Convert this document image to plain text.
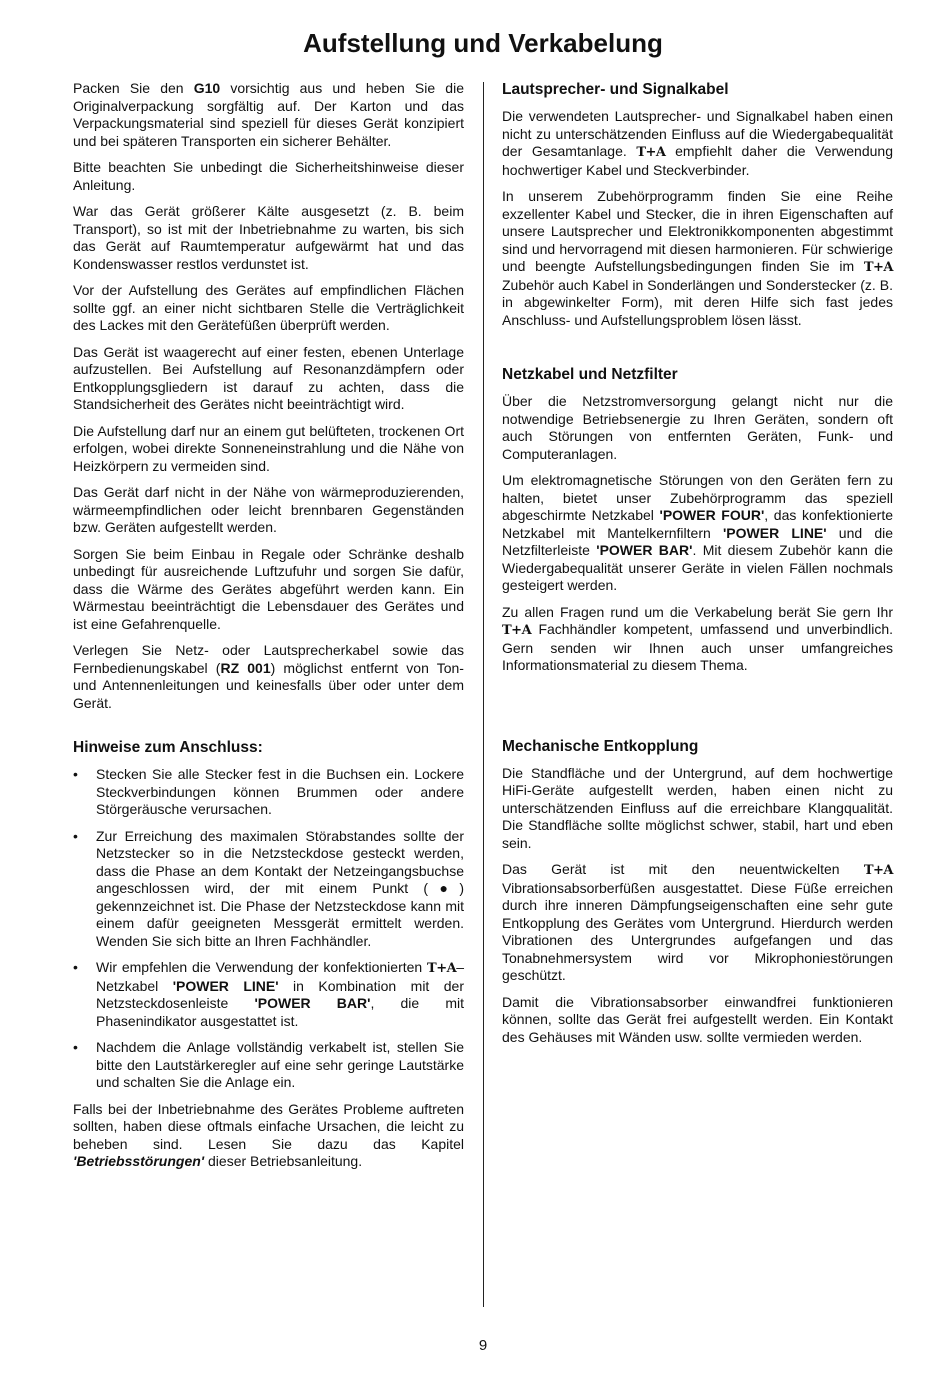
Aufstellung und Verkabelung

Packen Sie den G10 vorsichtig aus und heben Sie die Originalverpackung sorgfältig auf. Der Karton und das Verpackungsmaterial sind speziell für dieses Gerät konzipiert und bei späteren Transporten ein sicherer Behälter.

Bitte beachten Sie unbedingt die Sicherheitshinweise dieser Anleitung.

War das Gerät größerer Kälte ausgesetzt (z. B. beim Transport), so ist mit der Inbetriebnahme zu warten, bis sich das Gerät auf Raumtemperatur aufgewärmt hat und das Kondenswasser restlos verdunstet ist.

Vor der Aufstellung des Gerätes auf empfindlichen Flächen sollte ggf. an einer nicht sichtbaren Stelle die Verträglichkeit des Lackes mit den Gerätefüßen überprüft werden.

Das Gerät ist waagerecht auf einer festen, ebenen Unterlage aufzustellen. Bei Aufstellung auf Resonanzdämpfern oder Entkopplungsgliedern ist darauf zu achten, dass die Standsicherheit des Gerätes nicht beeinträchtigt wird.

Die Aufstellung darf nur an einem gut belüfteten, trockenen Ort erfolgen, wobei direkte Sonneneinstrahlung und die Nähe von Heizkörpern zu vermeiden sind.

Das Gerät darf nicht in der Nähe von wärmeproduzierenden, wärmeempfindlichen oder leicht brennbaren Gegenständen bzw. Geräten aufgestellt werden.

Sorgen Sie beim Einbau in Regale oder Schränke deshalb unbedingt für ausreichende Luftzufuhr und sorgen Sie dafür, dass die Wärme des Gerätes abgeführt werden kann. Ein Wärmestau beeinträchtigt die Lebensdauer des Gerätes und ist eine Gefahrenquelle.

Verlegen Sie Netz- oder Lautsprecherkabel sowie das Fernbedienungskabel (RZ 001) möglichst entfernt von Ton- und Antennenleitungen und keinesfalls über oder unter dem Gerät.

Hinweise zum Anschluss:
• Stecken Sie alle Stecker fest in die Buchsen ein. Lockere Steckverbindungen können Brummen oder andere Störgeräusche verursachen.
• Zur Erreichung des maximalen Störabstandes sollte der Netzstecker so in die Netzsteckdose gesteckt werden, dass die Phase an dem Kontakt der Netzeingangsbuchse angeschlossen wird, der mit einem Punkt (●) gekennzeichnet ist. Die Phase der Netzsteckdose kann mit einem dafür geeigneten Messgerät ermittelt werden. Wenden Sie sich bitte an Ihren Fachhändler.
• Wir empfehlen die Verwendung der konfektionierten T+A–Netzkabel 'POWER LINE' in Kombination mit der Netzsteckdosenleiste 'POWER BAR', die mit Phasenindikator ausgestattet ist.
• Nachdem die Anlage vollständig verkabelt ist, stellen Sie bitte den Lautstärkeregler auf eine sehr geringe Lautstärke und schalten Sie die Anlage ein.

Falls bei der Inbetriebnahme des Gerätes Probleme auftreten sollten, haben diese oftmals einfache Ursachen, die leicht zu beheben sind. Lesen Sie dazu das Kapitel 'Betriebsstörungen' dieser Betriebsanleitung.

Lautsprecher- und Signalkabel

Die verwendeten Lautsprecher- und Signalkabel haben einen nicht zu unterschätzenden Einfluss auf die Wiedergabequalität der Gesamtanlage. T+A empfiehlt daher die Verwendung hochwertiger Kabel und Steckverbinder.

In unserem Zubehörprogramm finden Sie eine Reihe exzellenter Kabel und Stecker, die in ihren Eigenschaften auf unsere Lautsprecher und Elektronikkomponenten abgestimmt sind und hervorragend mit diesen harmonieren. Für schwierige und beengte Aufstellungsbedingungen finden Sie im T+A Zubehör auch Kabel in Sonderlängen und Sonderstecker (z. B. in abgewinkelter Form), mit deren Hilfe sich fast jedes Anschluss- und Aufstellungsproblem lösen lässt.

Netzkabel und Netzfilter

Über die Netzstromversorgung gelangt nicht nur die notwendige Betriebsenergie zu Ihren Geräten, sondern oft auch Störungen von entfernten Geräten, Funk- und Computeranlagen.

Um elektromagnetische Störungen von den Geräten fern zu halten, bietet unser Zubehörprogramm das speziell abgeschirmte Netzkabel 'POWER FOUR', das konfektionierte Netzkabel mit Mantelkernfiltern 'POWER LINE' und die Netzfilterleiste 'POWER BAR'. Mit diesem Zubehör kann die Wiedergabequalität unserer Geräte in vielen Fällen nochmals gesteigert werden.

Zu allen Fragen rund um die Verkabelung berät Sie gern Ihr T+A Fachhändler kompetent, umfassend und unverbindlich. Gern senden wir Ihnen auch unser umfangreiches Informationsmaterial zu diesem Thema.

Mechanische Entkopplung

Die Standfläche und der Untergrund, auf dem hochwertige HiFi-Geräte aufgestellt werden, haben einen nicht zu unterschätzenden Einfluss auf die erreichbare Klangqualität. Die Standfläche sollte möglichst schwer, stabil, hart und eben sein.

Das Gerät ist mit den neuentwickelten T+A Vibrationsabsorberfüßen ausgestattet. Diese Füße erreichen durch ihre inneren Dämpfungseigenschaften eine sehr gute Entkopplung des Gerätes vom Untergrund. Hierdurch werden Vibrationen des Untergrundes aufgefangen und das Tonabnehmersystem wird vor Mikrophoniestörungen geschützt.

Damit die Vibrationsabsorber einwandfrei funktionieren können, sollte das Gerät frei aufgestellt werden. Ein Kontakt des Gehäuses mit Wänden usw. sollte vermieden werden.

9
